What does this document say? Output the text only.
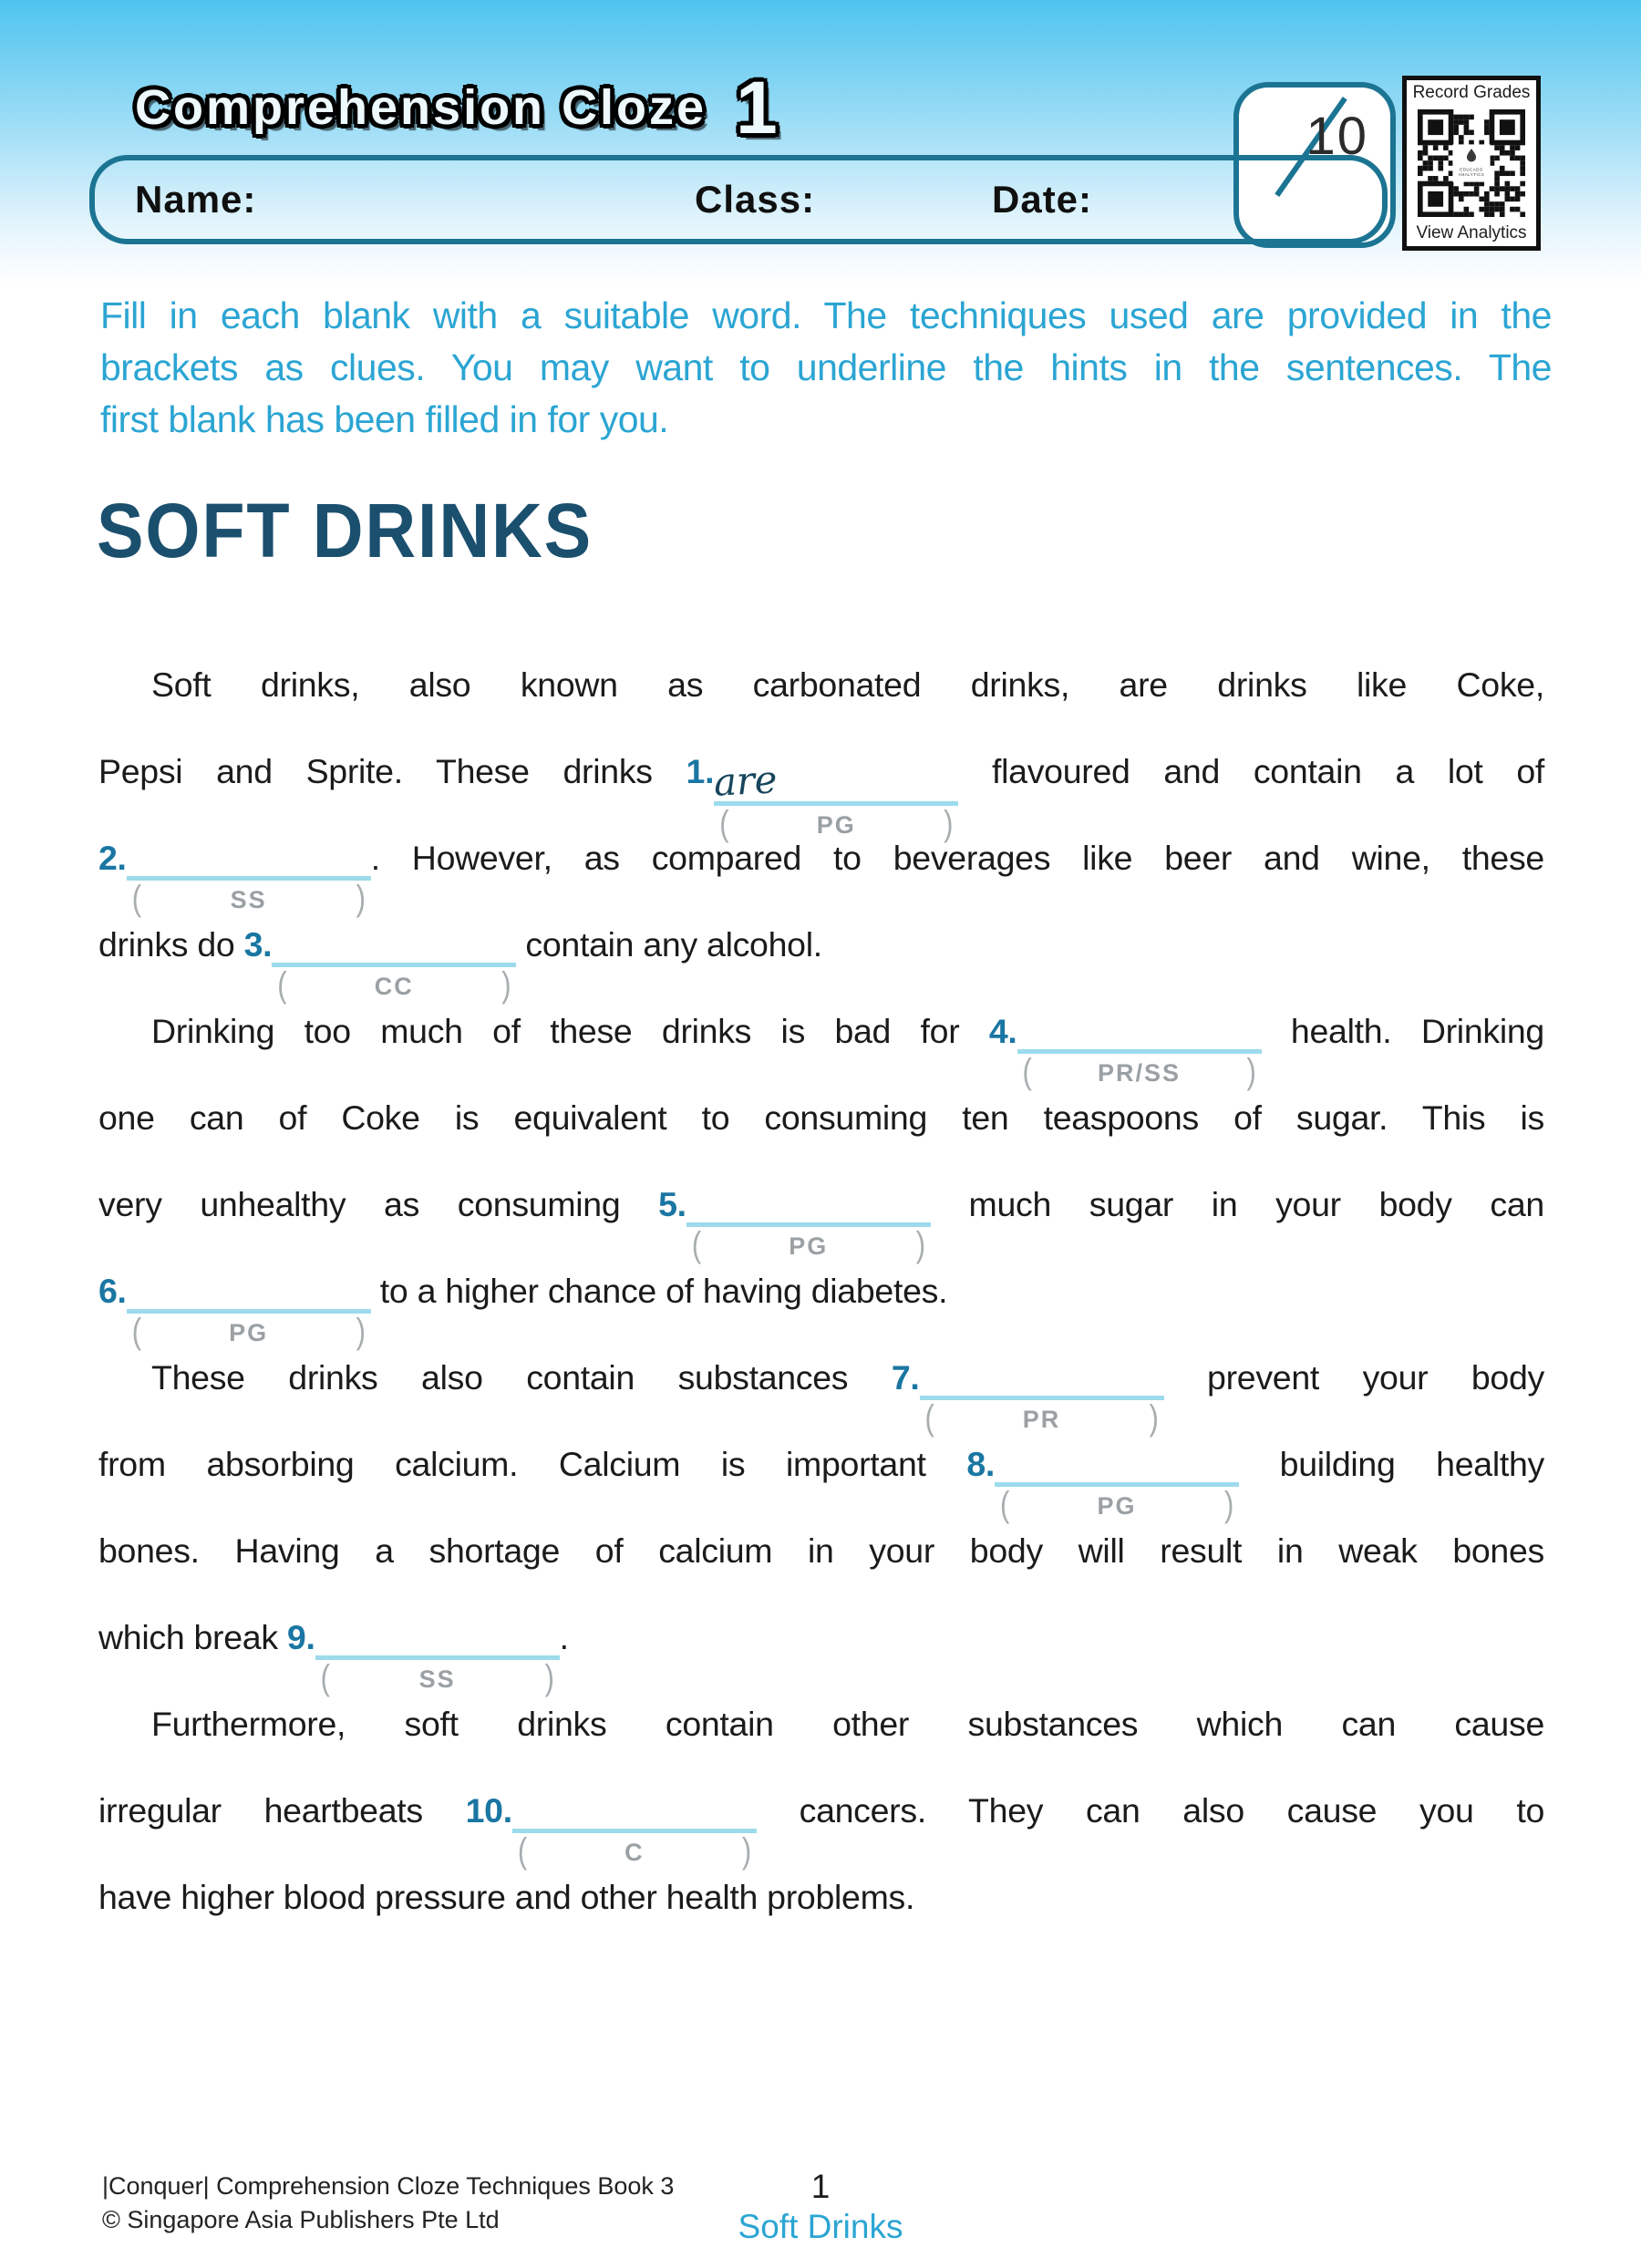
Comprehension Cloze 1	10
Name:	Class:	Date:
Record Grades
EDUCADO
ANALYTICS
View Analytics
Fill in each blank with a suitable word. The techniques used are provided in the
brackets as clues. You may want to underline the hints in the sentences. The
first blank has been filled in for you.
SOFT DRINKS
Soft drinks, also known as carbonated drinks, are drinks like Coke,
Pepsi and Sprite. These drinks 1.are
(	PG	)
flavoured and contain a lot of
2.
(	SS	)
. However, as compared to beverages like beer and wine, these
drinks do 3.
(	CC	)
contain any alcohol.
Drinking too much of these drinks is bad for 4.
(	PR/SS )
health. Drinking
one can of Coke is equivalent to consuming ten teaspoons of sugar. This is
very unhealthy as consuming 5.
(	PG	)
much sugar in your body can
6.
(	PG	)
to a higher chance of having diabetes.
These drinks also contain substances 7.
(	PR	)
prevent your body
from absorbing calcium. Calcium is important 8.
(	PG	)
building healthy
bones. Having a shortage of calcium in your body will result in weak bones
which break 9.
(	SS	)
.
Furthermore, soft drinks contain other substances which can cause
irregular heartbeats 10.
(	C	)
cancers. They can also cause you to
have higher blood pressure and other health problems.
|Conquer| Comprehension Cloze Techniques Book 3
© Singapore Asia Publishers Pte Ltd
1
Soft Drinks
